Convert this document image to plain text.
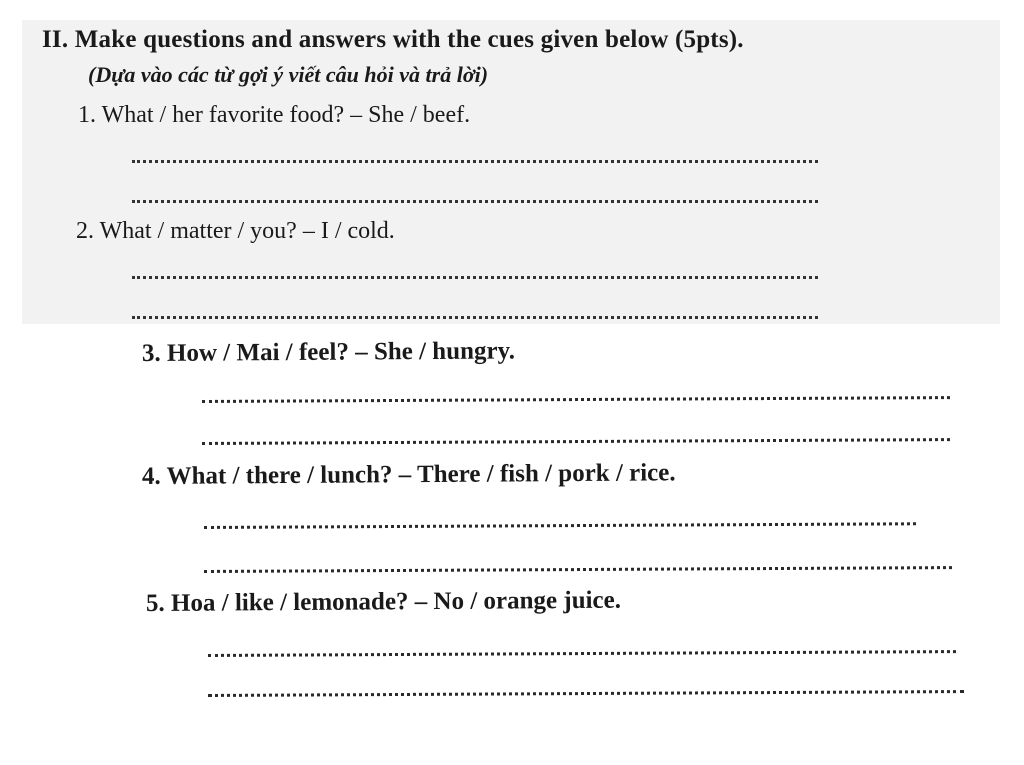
II. Make questions and answers with the cues given below (5pts).
(Dựa vào các từ gợi ý viết câu hỏi và trả lời)
1. What / her favorite food? – She / beef.
2. What / matter / you? – I / cold.
3. How / Mai / feel? – She / hungry.
4. What / there / lunch? – There / fish / pork / rice.
5. Hoa / like / lemonade? – No / orange juice.
